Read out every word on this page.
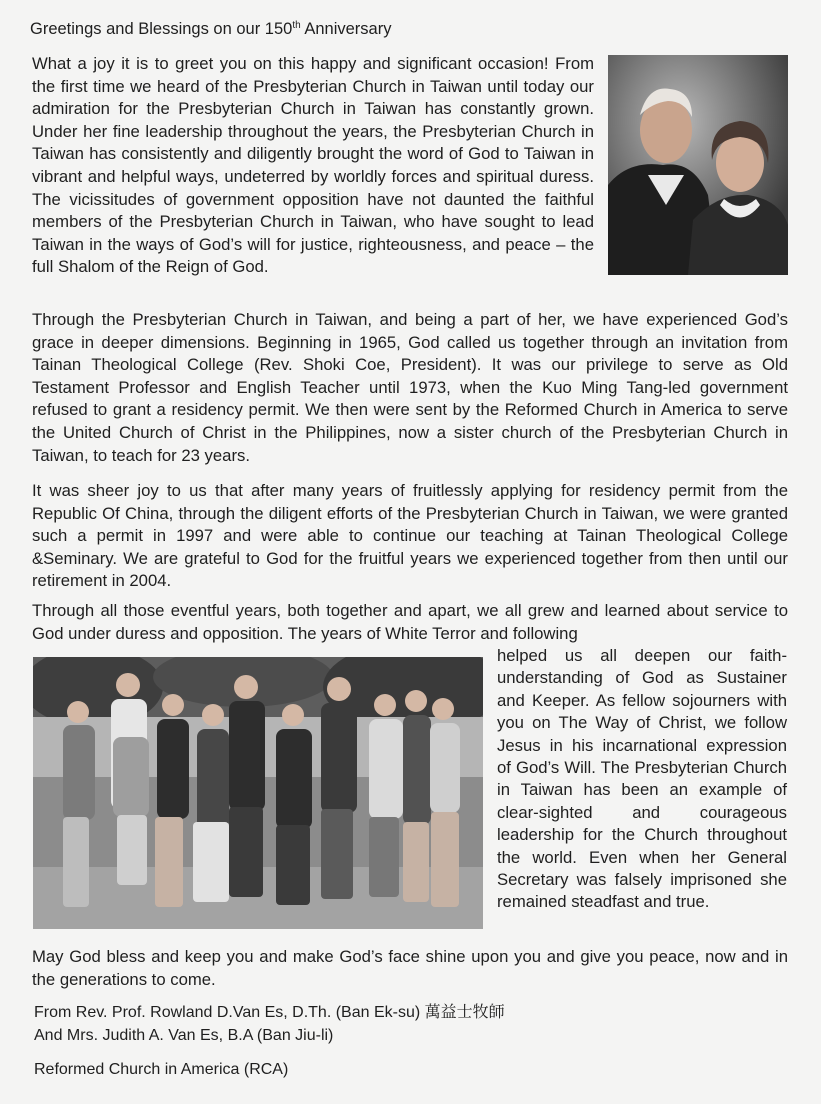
Greetings and Blessings on our 150th Anniversary

What a joy it is to greet you on this happy and significant occasion! From the first time we heard of the Presbyterian Church in Taiwan until today our admiration for the Presbyterian Church in Taiwan has constantly grown. Under her fine leadership throughout the years, the Presbyterian Church in Taiwan has consistently and diligently brought the word of God to Taiwan in vibrant and helpful ways, undeterred by worldly forces and spiritual duress. The vicissitudes of government opposition have not daunted the faithful members of the Presbyterian Church in Taiwan, who have sought to lead Taiwan in the ways of God’s will for justice, righteousness, and peace – the full Shalom of the Reign of God.

Through the Presbyterian Church in Taiwan, and being a part of her, we have experienced God’s grace in deeper dimensions. Beginning in 1965, God called us together through an invitation from Tainan Theological College (Rev. Shoki Coe, President). It was our privilege to serve as Old Testament Professor and English Teacher until 1973, when the Kuo Ming Tang-led government refused to grant a residency permit. We then were sent by the Reformed Church in America to serve the United Church of Christ in the Philippines, now a sister church of the Presbyterian Church in Taiwan, to teach for 23 years.

It was sheer joy to us that after many years of fruitlessly applying for residency permit from the Republic Of China, through the diligent efforts of the Presbyterian Church in Taiwan, we were granted such a permit in 1997 and were able to continue our teaching at Tainan Theological College &Seminary. We are grateful to God for the fruitful years we experienced together from then until our retirement in 2004.

Through all those eventful years, both together and apart, we all grew and learned about service to God under duress and opposition. The years of White Terror and following

helped us all deepen our faith-understanding of God as Sustainer and Keeper. As fellow sojourners with you on The Way of Christ, we follow Jesus in his incarnational expression of God’s Will. The Presbyterian Church in Taiwan has been an example of clear-sighted and courageous leadership for the Church throughout the world. Even when her General Secretary was falsely imprisoned she remained steadfast and true.

May God bless and keep you and make God’s face shine upon you and give you peace, now and in the generations to come.

From Rev. Prof. Rowland D.Van Es, D.Th. (Ban Ek-su) 萬益士牧師
And Mrs. Judith A. Van Es, B.A (Ban Jiu-li)
Reformed Church in America (RCA)
